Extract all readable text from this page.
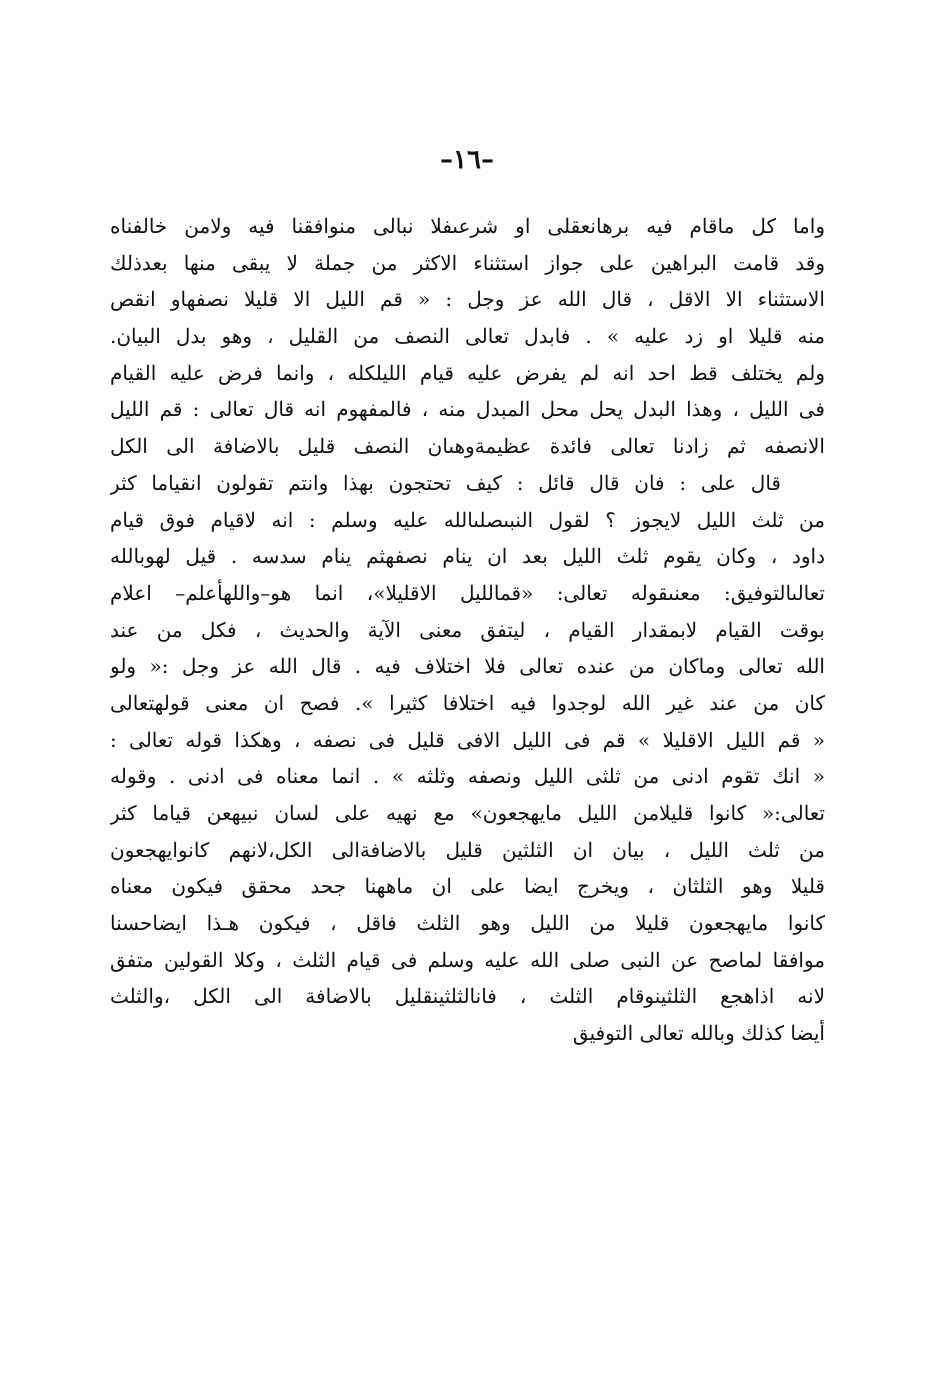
–١٦–
واما كل ماقام فيه برهانعقلى او شرعىفلا نبالى منوافقنا فيه ولامن خالفناه
وقد قامت البراهين على جواز استثناء الاكثر من جملة لا يبقى منها بعدذلك
الاستثناء الا الاقل ، قال الله عز وجل : « قم الليل الا قليلا نصفهاو انقص
منه قليلا او زد عليه » . فابدل تعالى النصف من القليل ، وهو بدل البيان.
ولم يختلف قط احد انه لم يفرض عليه قيام الليلكله ، وانما فرض عليه القيام
فى الليل ، وهذا البدل يحل محل المبدل منه ، فالمفهوم انه قال تعالى : قم الليل
الانصفه ثم زادنا تعالى فائدة عظيمةوهىان النصف قليل بالاضافة الى الكل
قال على : فان قال قائل : كيف تحتجون بهذا وانتم تقولون انقياما كثر
من ثلث الليل لايجوز ؟ لقول النبىصلىالله عليه وسلم : انه لاقيام فوق قيام
داود ، وكان يقوم ثلث الليل بعد ان ينام نصفهثم ينام سدسه . قيل لهوبالله
تعالىالتوفيق: معنىقوله تعالى: «قمالليل الاقليلا»، انما هو–واللهأعلم– اعلام
بوقت القيام لابمقدار القيام ، ليتفق معنى الآية والحديث ، فكل من عند
الله تعالى وماكان من عنده تعالى فلا اختلاف فيه . قال الله عز وجل :« ولو
كان من عند غير الله لوجدوا فيه اختلافا كثيرا ». فصح ان معنى قولهتعالى
« قم الليل الاقليلا » قم فى الليل الافى قليل فى نصفه ، وهكذا قوله تعالى :
« انك تقوم ادنى من ثلثى الليل ونصفه وثلثه » . انما معناه فى ادنى . وقوله
تعالى:« كانوا قليلامن الليل مايهجعون» مع نهيه على لسان نبيهعن قياما كثر
من ثلث الليل ، بيان ان الثلثين قليل بالاضافةالى الكل،لانهم كانوايهجعون
قليلا وهو الثلثان ، ويخرج ايضا على ان ماههنا جحد محقق فيكون معناه
كانوا مايهجعون قليلا من الليل وهو الثلث فاقل ، فيكون هـذا ايضاحسنا
موافقا لماصح عن النبى صلى الله عليه وسلم فى قيام الثلث ، وكلا القولين متفق
لانه اذاهجع الثلثينوقام الثلث ، فانالثلثينقليل بالاضافة الى الكل ،والثلث
أيضا كذلك وبالله تعالى التوفيق
